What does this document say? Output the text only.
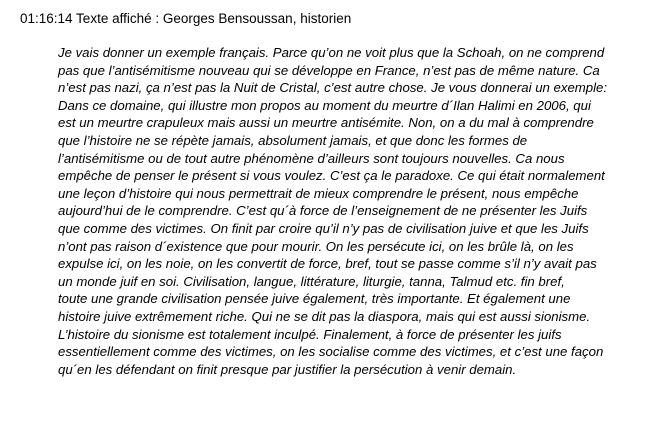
01:16:14 Texte affiché : Georges Bensoussan, historien
Je vais donner un exemple français. Parce qu’on ne voit plus que la Schoah, on ne comprend
pas que l’antisémitisme nouveau qui se développe en France, n’est pas de même nature. Ca
n’est pas nazi, ça n’est pas la Nuit de Cristal, c’est autre chose. Je vous donnerai un exemple:
Dans ce domaine, qui illustre mon propos au moment du meurtre d´Ilan Halimi en 2006, qui
est un meurtre crapuleux mais aussi un meurtre antisémite. Non, on a du mal à comprendre
que l’histoire ne se répète jamais, absolument jamais, et que donc les formes de
l’antisémitisme ou de tout autre phénomène d’ailleurs sont toujours nouvelles. Ca nous
empêche de penser le présent si vous voulez. C’est ça le paradoxe. Ce qui était normalement
une leçon d’histoire qui nous permettrait de mieux comprendre le présent, nous empêche
aujourd’hui de le comprendre. C’est qu´à force de l’enseignement de ne présenter les Juifs
que comme des victimes. On finit par croire qu’il n’y pas de civilisation juive et que les Juifs
n’ont pas raison d´existence que pour mourir. On les persécute ici, on les brûle là, on les
expulse ici, on les noie, on les convertit de force, bref, tout se passe comme s’il n’y avait pas
un monde juif en soi. Civilisation, langue, littérature, liturgie, tanna, Talmud etc. fin bref,
toute une grande civilisation pensée juive également, très importante. Et également une
histoire juive extrêmement riche. Qui ne se dit pas la diaspora, mais qui est aussi sionisme.
L’histoire du sionisme est totalement inculpé. Finalement, à force de présenter les juifs
essentiellement comme des victimes, on les socialise comme des victimes, et c’est une façon
qu´en les défendant on finit presque par justifier la persécution à venir demain.
